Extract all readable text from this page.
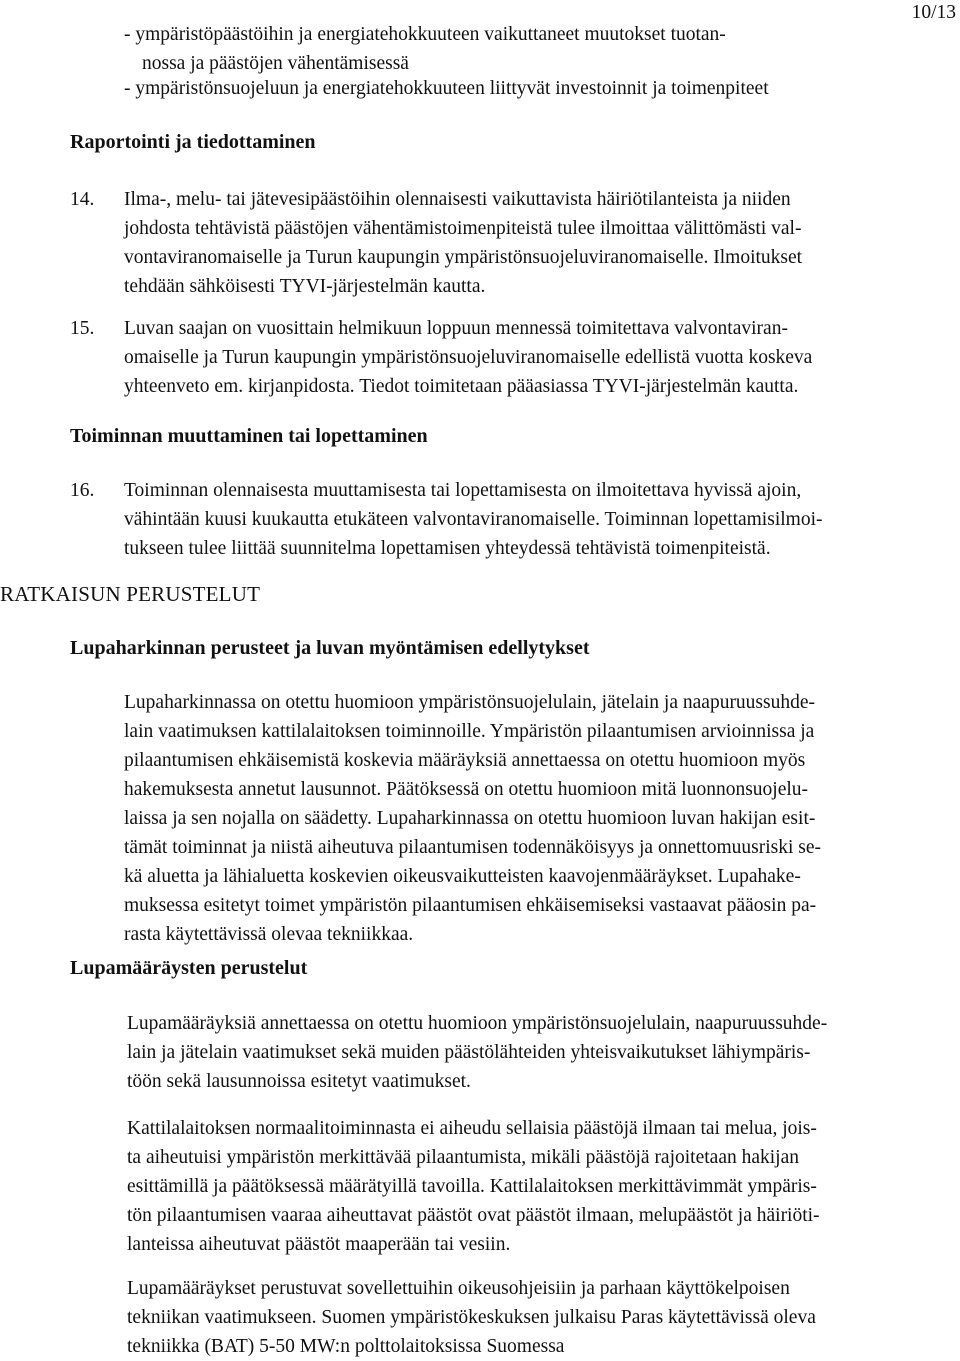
10/13
- ympäristöpäästöihin ja energiatehokkuuteen vaikuttaneet muutokset tuotan-
nossa ja päästöjen vähentämisessä
- ympäristönsuojeluun ja energiatehokkuuteen liittyvät investoinnit ja toimenpiteet
Raportointi ja tiedottaminen
14. Ilma-, melu- tai jätevesipäästöihin olennaisesti vaikuttavista häiriötilanteista ja niiden
johdosta tehtävistä päästöjen vähentämistoimenpiteistä tulee ilmoittaa välittömästi val-
vontaviranomaiselle ja Turun kaupungin ympäristönsuojeluviranomaiselle. Ilmoitukset
tehdään sähköisesti TYVI-järjestelmän kautta.
15. Luvan saajan on vuosittain helmikuun loppuun mennessä toimitettava valvontaviran-
omaiselle ja Turun kaupungin ympäristönsuojeluviranomaiselle edellistä vuotta koskeva
yhteenveto em. kirjanpidosta. Tiedot toimitetaan pääasiassa TYVI-järjestelmän kautta.
Toiminnan muuttaminen tai lopettaminen
16. Toiminnan olennaisesta muuttamisesta tai lopettamisesta on ilmoitettava hyvissä ajoin,
vähintään kuusi kuukautta etukäteen valvontaviranomaiselle. Toiminnan lopettamisilmoi-
tukseen tulee liittää suunnitelma lopettamisen yhteydessä tehtävistä toimenpiteistä.
RATKAISUN PERUSTELUT
Lupaharkinnan perusteet ja luvan myöntämisen edellytykset
Lupaharkinnassa on otettu huomioon ympäristönsuojelulain, jätelain ja naapuruussuhde-
lain vaatimuksen kattilalaitoksen toiminnoille. Ympäristön pilaantumisen arvioinnissa ja
pilaantumisen ehkäisemistä koskevia määräyksiä annettaessa on otettu huomioon myös
hakemuksesta annetut lausunnot. Päätöksessä on otettu huomioon mitä luonnonsuojelu-
laissa ja sen nojalla on säädetty. Lupaharkinnassa on otettu huomioon luvan hakijan esit-
tämät toiminnat ja niistä aiheutuva pilaantumisen todennäköisyys ja onnettomuusriski se-
kä aluetta ja lähialuetta koskevien oikeusvaikutteisten kaavojenmääräykset. Lupahake-
muksessa esitetyt toimet ympäristön pilaantumisen ehkäisemiseksi vastaavat pääosin pa-
rasta käytettävissä olevaa tekniikkaa.
Lupamääräysten perustelut
Lupamääräyksiä annettaessa on otettu huomioon ympäristönsuojelulain, naapuruussuhde-
lain ja jätelain vaatimukset sekä muiden päästölähteiden yhteisvaikutukset lähiympäris-
töön sekä lausunnoissa esitetyt vaatimukset.
Kattilalaitoksen normaalitoiminnasta ei aiheudu sellaisia päästöjä ilmaan tai melua, jois-
ta aiheutuisi ympäristön merkittävää pilaantumista, mikäli päästöjä rajoitetaan hakijan
esittämillä ja päätöksessä määrätyillä tavoilla. Kattilalaitoksen merkittävimmät ympäris-
tön pilaantumisen vaaraa aiheuttavat päästöt ovat päästöt ilmaan, melupäästöt ja häiriöti-
lanteissa aiheutuvat päästöt maaperään tai vesiin.
Lupamääräykset perustuvat sovellettuihin oikeusohjeisiin ja parhaan käyttökelpoisen
tekniikan vaatimukseen. Suomen ympäristökeskuksen julkaisu Paras käytettävissä oleva
tekniikka (BAT) 5-50 MW:n polttolaitoksissa Suomessa
